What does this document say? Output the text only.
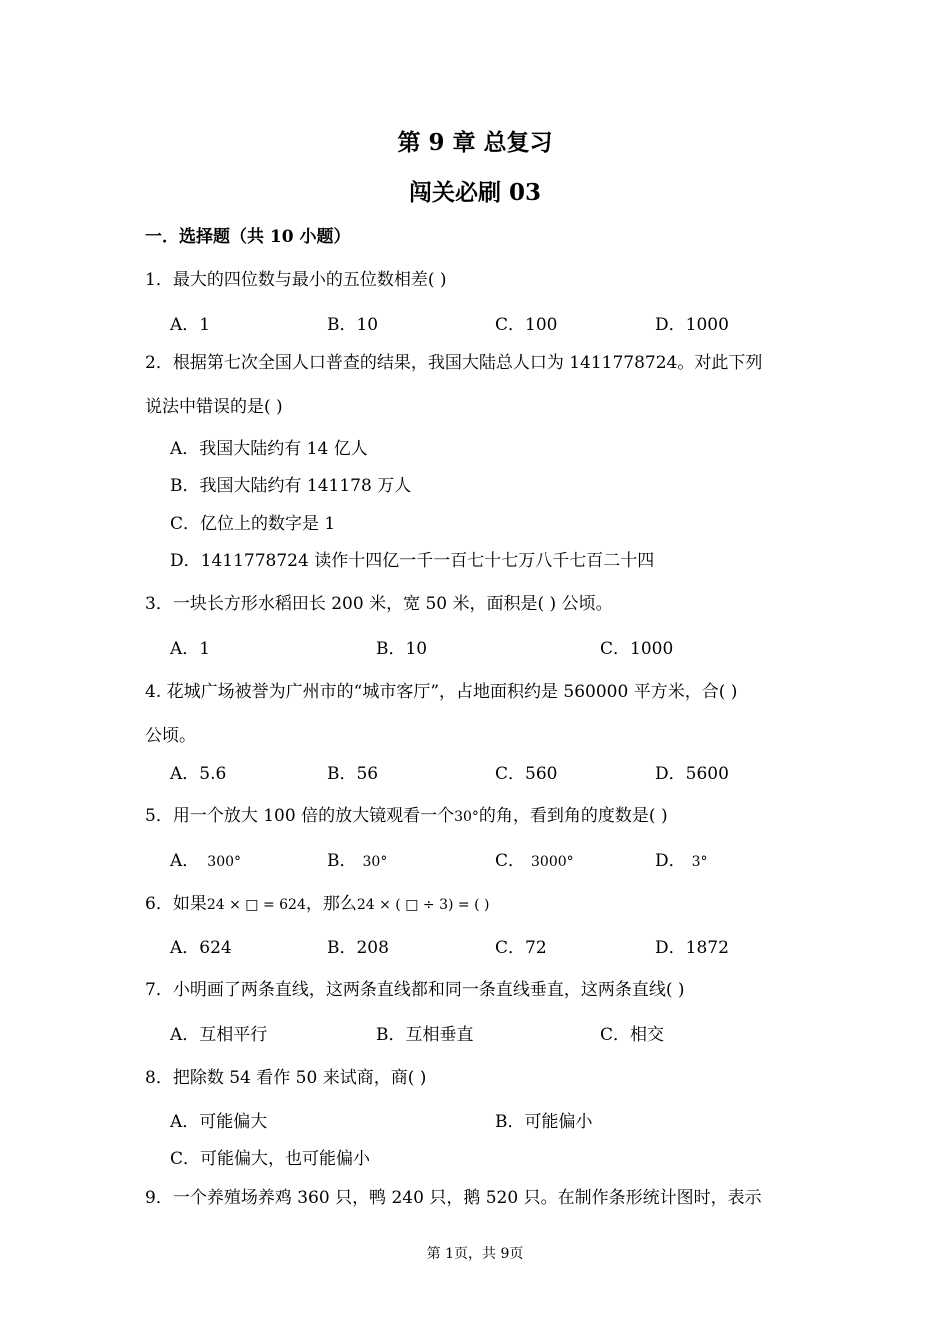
第 9 章 总复习
闯关必刷 03
一．选择题（共 10 小题）
1．最大的四位数与最小的五位数相差( )
A．1	B．10	C．100	D．1000
2．根据第七次全国人口普查的结果，我国大陆总人口为 1411778724。对此下列
说法中错误的是( )
A．我国大陆约有 14 亿人
B．我国大陆约有 141178 万人
C．亿位上的数字是 1
D．1411778724 读作十四亿一千一百七十七万八千七百二十四
3．一块长方形水稻田长 200 米，宽 50 米，面积是( ) 公顷。
A．1	B．10	C．1000
4. 花城广场被誉为广州市的“城市客厅”，占地面积约是 560000 平方米，合( )
公顷。
A．5.6	B．56	C．560	D．5600
5．用一个放大 100 倍的放大镜观看一个30°的角，看到角的度数是( )
A． 300°	B． 30°	C． 3000°	D． 3°
6．如果24 × □ = 624，那么24 × ( □ ÷ 3) = ( )
A．624	B．208	C．72	D．1872
7．小明画了两条直线，这两条直线都和同一条直线垂直，这两条直线( )
A．互相平行	B．互相垂直	C．相交
8．把除数 54 看作 50 来试商，商( )
A．可能偏大	B．可能偏小
C．可能偏大，也可能偏小
9．一个养殖场养鸡 360 只，鸭 240 只，鹅 520 只。在制作条形统计图时，表示
第 1页，共 9页
